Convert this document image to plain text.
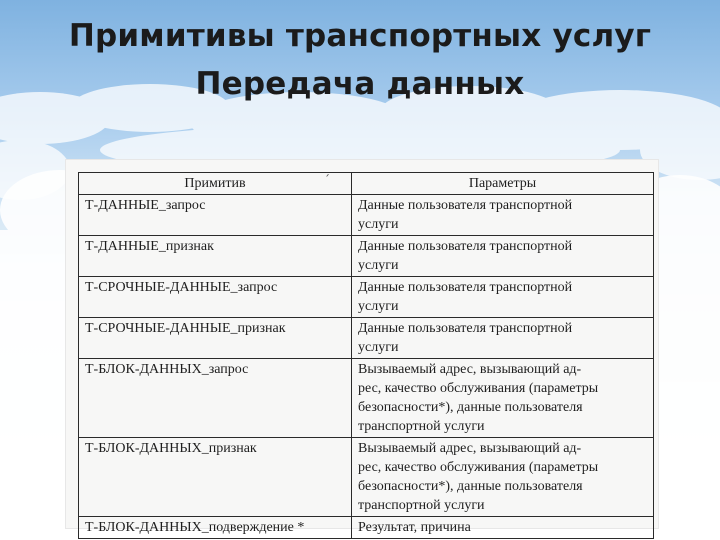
Примитивы транспортных услуг
Передача данных
Примитив	Параметры
Т-ДАННЫЕ_запрос	Данные пользователя транспортной
услуги

Т-ДАННЫЕ_признак	Данные пользователя транспортной
услуги

Т-СРОЧНЫЕ-ДАННЫЕ_запрос	Данные пользователя транспортной
услуги

Т-СРОЧНЫЕ-ДАННЫЕ_признак	Данные пользователя транспортной
услуги

Т-БЛОК-ДАННЫХ_запрос	Вызываемый адрес, вызывающий ад-
рес, качество обслуживания (параметры
безопасности*), данные пользователя
транспортной услуги

Т-БЛОК-ДАННЫХ_признак	Вызываемый адрес, вызывающий ад-
рес, качество обслуживания (параметры
безопасности*), данные пользователя
транспортной услуги

Т-БЛОК-ДАННЫХ_подверждение *	Результат, причина
ˊ
